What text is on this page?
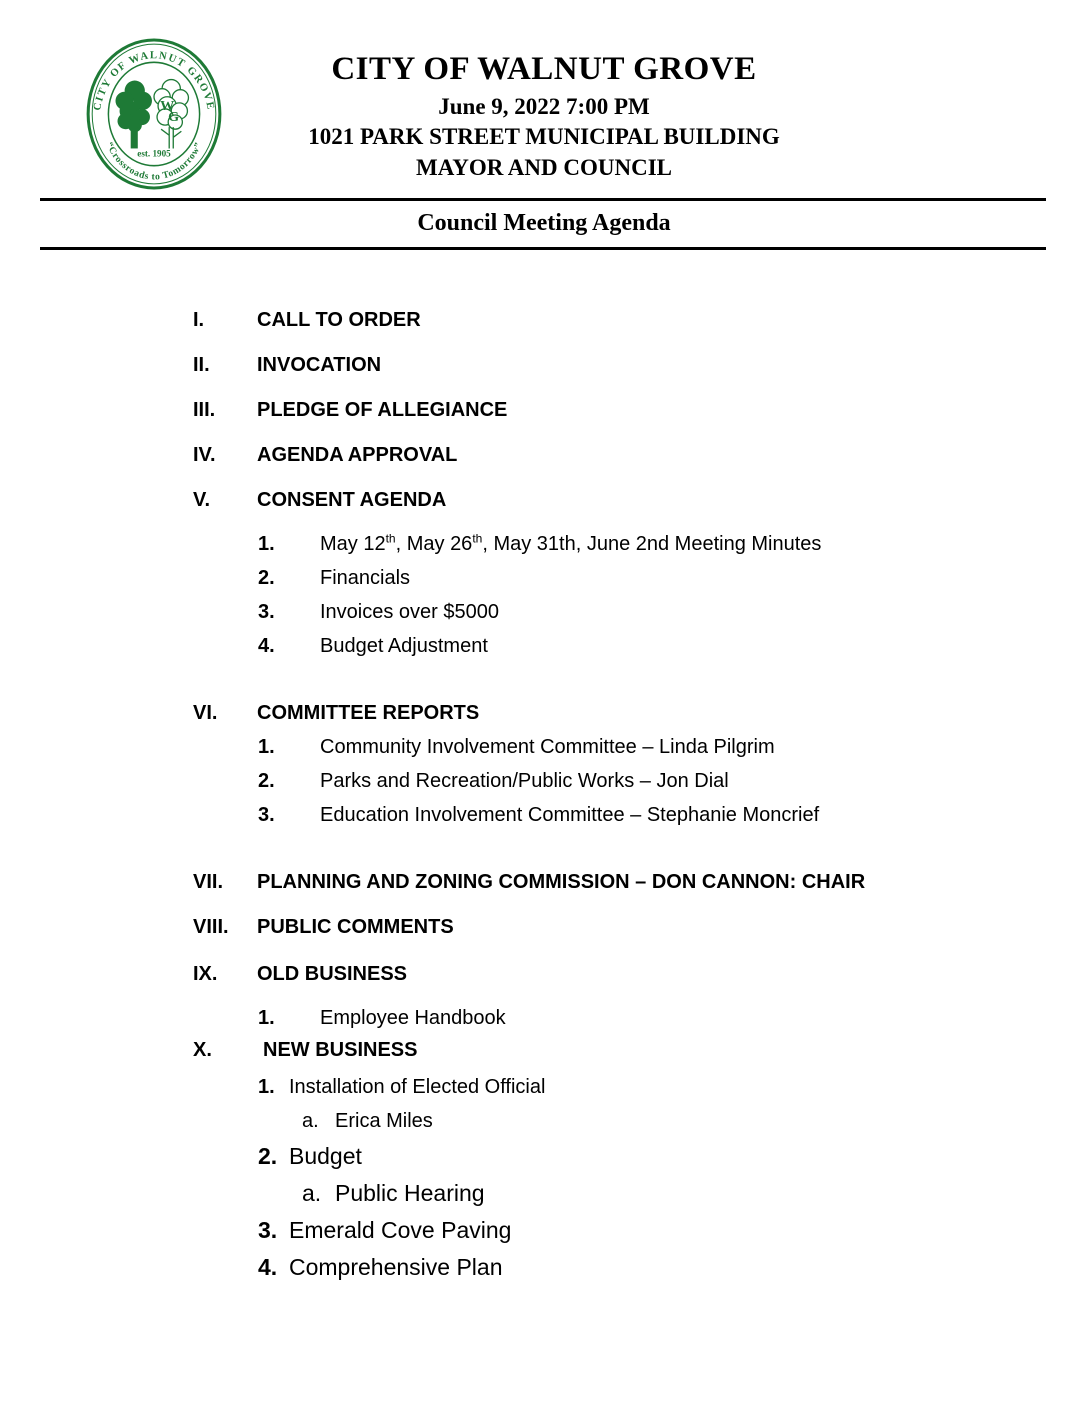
CITY OF WALNUT GROVE
“Crossroads to Tomorrow”
W
G
est. 1905
CITY OF WALNUT GROVE
June 9, 2022 7:00 PM
1021 PARK STREET MUNICIPAL BUILDING
MAYOR AND COUNCIL
Council Meeting Agenda
I.	CALL TO ORDER
II.	INVOCATION
III.	PLEDGE OF ALLEGIANCE
IV.	AGENDA APPROVAL
V.	CONSENT AGENDA
1.	May 12th, May 26th, May 31th, June 2nd Meeting Minutes
2.	Financials
3.	Invoices over $5000
4.	Budget Adjustment
VI.	COMMITTEE REPORTS
1.	Community Involvement Committee – Linda Pilgrim
2.	Parks and Recreation/Public Works – Jon Dial
3.	Education Involvement Committee – Stephanie Moncrief
VII.	PLANNING AND ZONING COMMISSION – DON CANNON: CHAIR
VIII.	PUBLIC COMMENTS
IX.	OLD BUSINESS
1.	Employee Handbook
X.	NEW BUSINESS
1. Installation of Elected Official
a. Erica Miles
2. Budget
a. Public Hearing
3. Emerald Cove Paving
4. Comprehensive Plan
